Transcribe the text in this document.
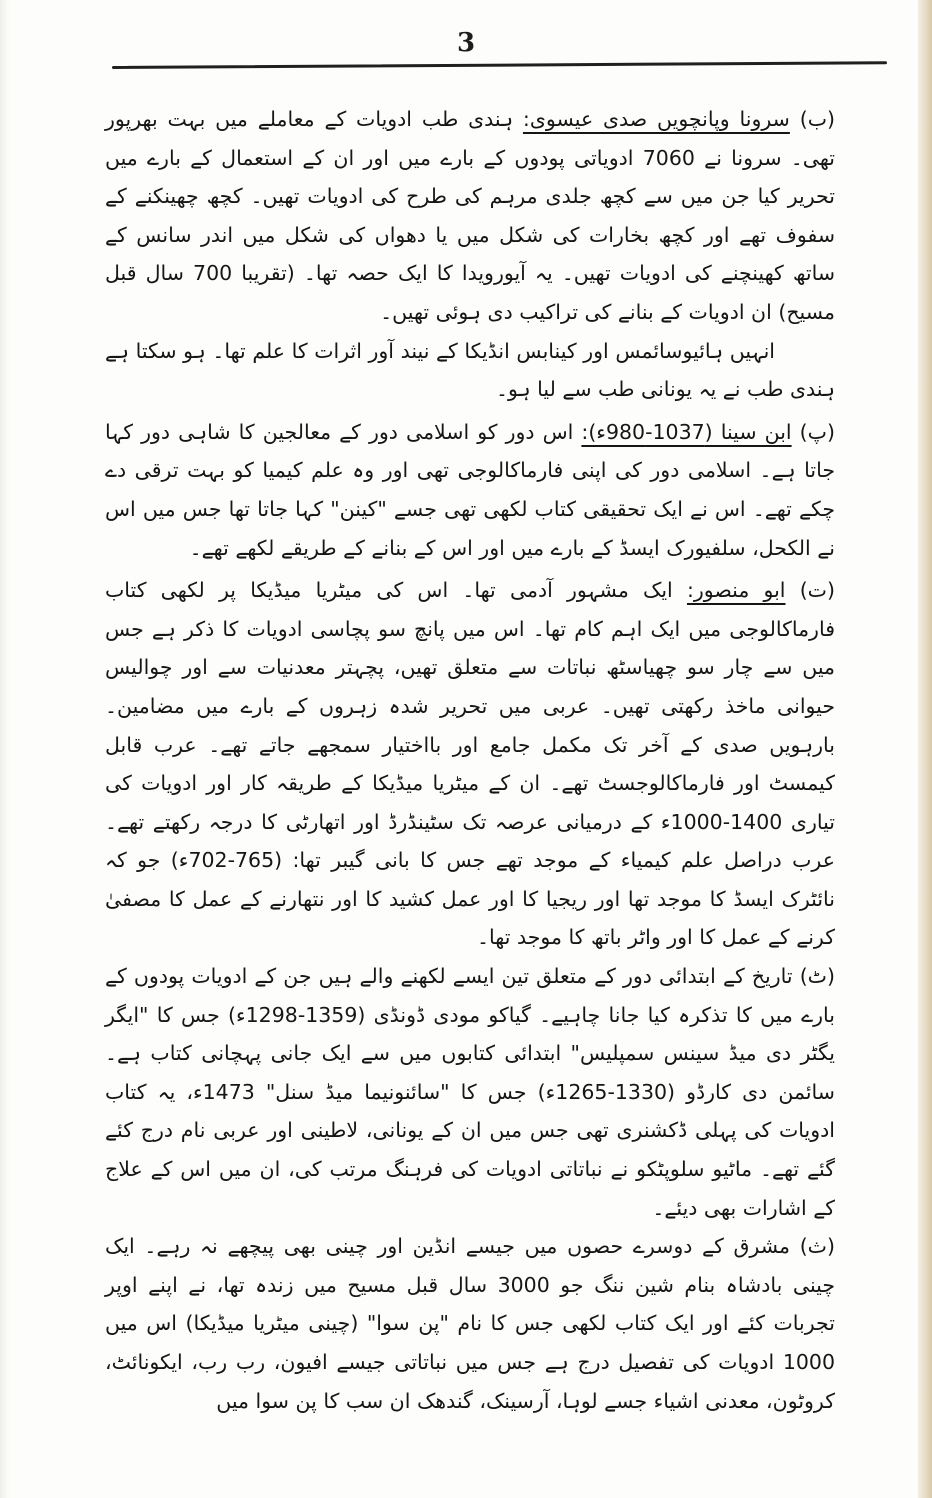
3

(ب) سرونا وپانچویں صدی عیسوی: ہندی طب ادویات کے معاملے میں بہت بھرپور تھی۔ سرونا نے 7060 ادویاتی پودوں کے بارے میں اور ان کے استعمال کے بارے میں تحریر کیا جن میں سے کچھ جلدی مرہم کی طرح کی ادویات تھیں۔ کچھ چھینکنے کے سفوف تھے اور کچھ بخارات کی شکل میں یا دھواں کی شکل میں اندر سانس کے ساتھ کھینچنے کی ادویات تھیں۔ یہ آیورویدا کا ایک حصہ تھا۔ (تقریبا 700 سال قبل مسیح) ان ادویات کے بنانے کی تراکیب دی ہوئی تھیں۔

انہیں ہائیوسائمس اور کینابس انڈیکا کے نیند آور اثرات کا علم تھا۔ ہو سکتا ہے ہندی طب نے یہ یونانی طب سے لیا ہو۔

(پ) ابن سینا (1037-980ء): اس دور کو اسلامی دور کے معالجین کا شاہی دور کہا جاتا ہے۔ اسلامی دور کی اپنی فارماکالوجی تھی اور وہ علم کیمیا کو بہت ترقی دے چکے تھے۔ اس نے ایک تحقیقی کتاب لکھی تھی جسے "کینن" کہا جاتا تھا جس میں اس نے الکحل، سلفیورک ایسڈ کے بارے میں اور اس کے بنانے کے طریقے لکھے تھے۔

(ت) ابو منصور: ایک مشہور آدمی تھا۔ اس کی میٹریا میڈیکا پر لکھی کتاب فارماکالوجی میں ایک اہم کام تھا۔ اس میں پانچ سو پچاسی ادویات کا ذکر ہے جس میں سے چار سو چھیاسٹھ نباتات سے متعلق تھیں، پچہتر معدنیات سے اور چوالیس حیوانی ماخذ رکھتی تھیں۔ عربی میں تحریر شدہ زہروں کے بارے میں مضامین۔ بارہویں صدی کے آخر تک مکمل جامع اور بااختیار سمجھے جاتے تھے۔ عرب قابل کیمسٹ اور فارماکالوجسٹ تھے۔ ان کے میٹریا میڈیکا کے طریقہ کار اور ادویات کی تیاری 1400-1000ء کے درمیانی عرصہ تک سٹینڈرڈ اور اتھارٹی کا درجہ رکھتے تھے۔ عرب دراصل علم کیمیاء کے موجد تھے جس کا بانی گیبر تھا: (765-702ء) جو کہ نائٹرک ایسڈ کا موجد تھا اور ریجیا کا اور عمل کشید کا اور نتھارنے کے عمل کا مصفیٰ کرنے کے عمل کا اور واٹر باتھ کا موجد تھا۔

(ٹ) تاریخ کے ابتدائی دور کے متعلق تین ایسے لکھنے والے ہیں جن کے ادویات پودوں کے بارے میں کا تذکرہ کیا جانا چاہیے۔ گیاکو مودی ڈونڈی (1359-1298ء) جس کا "ایگر یگٹر دی میڈ سینس سمپلیس" ابتدائی کتابوں میں سے ایک جانی پہچانی کتاب ہے۔ سائمن دی کارڈو (1330-1265ء) جس کا "سائنونیما میڈ سنل" 1473ء، یہ کتاب ادویات کی پہلی ڈکشنری تھی جس میں ان کے یونانی، لاطینی اور عربی نام درج کئے گئے تھے۔ ماٹیو سلوپٹکو نے نباتاتی ادویات کی فرہنگ مرتب کی، ان میں اس کے علاج کے اشارات بھی دیئے۔

(ث) مشرق کے دوسرے حصوں میں جیسے انڈین اور چینی بھی پیچھے نہ رہے۔ ایک چینی بادشاہ بنام شین ننگ جو 3000 سال قبل مسیح میں زندہ تھا، نے اپنے اوپر تجربات کئے اور ایک کتاب لکھی جس کا نام "پن سوا" (چینی میٹریا میڈیکا) اس میں 1000 ادویات کی تفصیل درج ہے جس میں نباتاتی جیسے افیون، رب رب، ایکونائٹ، کروٹون، معدنی اشیاء جسے لوہا، آرسینک، گندھک ان سب کا پن سوا میں
